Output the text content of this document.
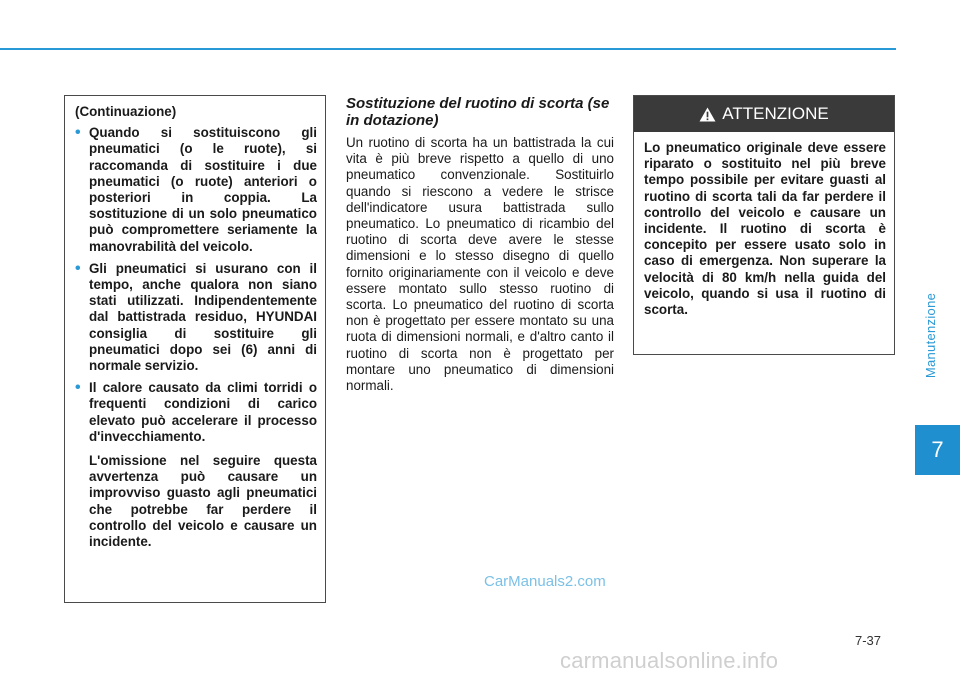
Manutenzione
7

(Continuazione)

• Quando si sostituiscono gli pneumatici (o le ruote), si raccomanda di sostituire i due pneumatici (o ruote) anteriori o posteriori in coppia. La sostituzione di un solo pneumatico può compromettere seriamente la manovrabilità del veicolo.
• Gli pneumatici si usurano con il tempo, anche qualora non siano stati utilizzati. Indipendentemente dal battistrada residuo, HYUNDAI consiglia di sostituire gli pneumatici dopo sei (6) anni di normale servizio.
• Il calore causato da climi torridi o frequenti condizioni di carico elevato può accelerare il processo d'invecchiamento.

L'omissione nel seguire questa avvertenza può causare un improvviso guasto agli pneumatici che potrebbe far perdere il controllo del veicolo e causare un incidente.

Sostituzione del ruotino di scorta (se in dotazione)

Un ruotino di scorta ha un battistrada la cui vita è più breve rispetto a quello di uno pneumatico convenzionale. Sostituirlo quando si riescono a vedere le strisce dell'indicatore usura battistrada sullo pneumatico. Lo pneumatico di ricambio del ruotino di scorta deve avere le stesse dimensioni e lo stesso disegno di quello fornito originariamente con il veicolo e deve essere montato sullo stesso ruotino di scorta. Lo pneumatico del ruotino di scorta non è progettato per essere montato su una ruota di dimensioni normali, e d'altro canto il ruotino di scorta non è progettato per montare uno pneumatico di dimensioni normali.

ATTENZIONE
Lo pneumatico originale deve essere riparato o sostituito nel più breve tempo possibile per evitare guasti al ruotino di scorta tali da far perdere il controllo del veicolo e causare un incidente. Il ruotino di scorta è concepito per essere usato solo in caso di emergenza. Non superare la velocità di 80 km/h nella guida del veicolo, quando si usa il ruotino di scorta.
CarManuals2.com
7-37
carmanualsonline.info
